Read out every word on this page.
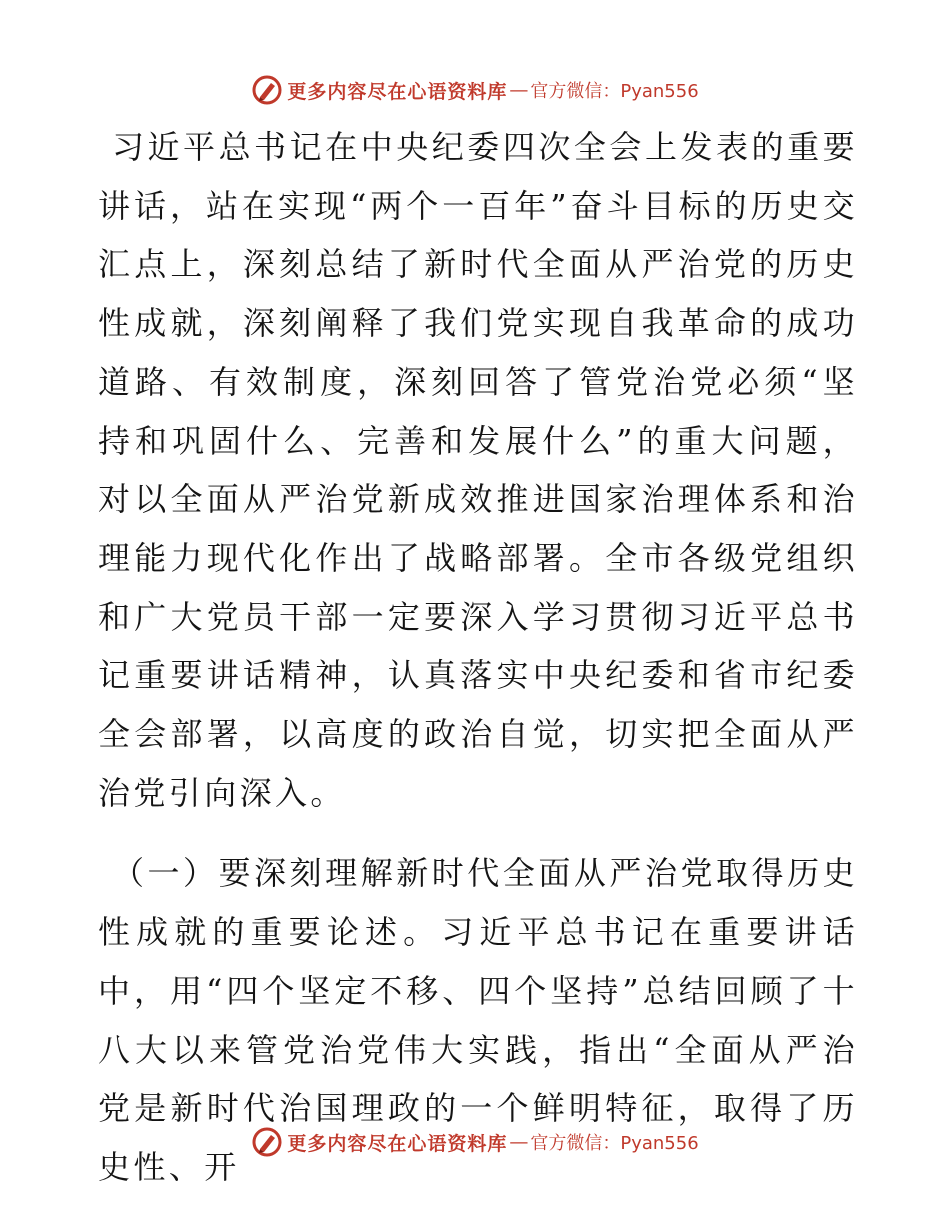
更多内容尽在心语资料库 — 官方微信：Pyan556

习近平总书记在中央纪委四次全会上发表的重要讲话，站在实现“两个一百年”奋斗目标的历史交汇点上，深刻总结了新时代全面从严治党的历史性成就，深刻阐释了我们党实现自我革命的成功道路、有效制度，深刻回答了管党治党必须“坚持和巩固什么、完善和发展什么”的重大问题，对以全面从严治党新成效推进国家治理体系和治理能力现代化作出了战略部署。全市各级党组织和广大党员干部一定要深入学习贯彻习近平总书记重要讲话精神，认真落实中央纪委和省市纪委全会部署，以高度的政治自觉，切实把全面从严治党引向深入。

（一）要深刻理解新时代全面从严治党取得历史性成就的重要论述。习近平总书记在重要讲话中，用“四个坚定不移、四个坚持”总结回顾了十八大以来管党治党伟大实践，指出“全面从严治党是新时代治国理政的一个鲜明特征，取得了历史性、开

更多内容尽在心语资料库 — 官方微信：Pyan556
